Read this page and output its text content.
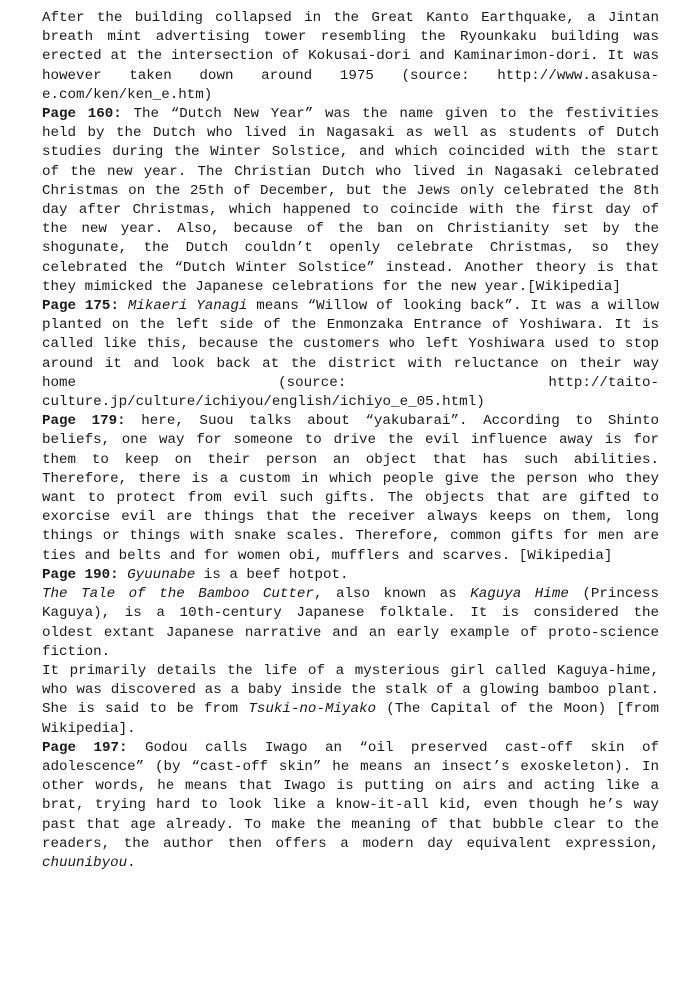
After the building collapsed in the Great Kanto Earthquake, a Jintan breath mint advertising tower resembling the Ryounkaku building was erected at the intersection of Kokusai-dori and Kaminarimon-dori. It was however taken down around 1975 (source: http://www.asakusa-e.com/ken/ken_e.htm)

Page 160: The “Dutch New Year” was the name given to the festivities held by the Dutch who lived in Nagasaki as well as students of Dutch studies during the Winter Solstice, and which coincided with the start of the new year. The Christian Dutch who lived in Nagasaki celebrated Christmas on the 25th of December, but the Jews only celebrated the 8th day after Christmas, which happened to coincide with the first day of the new year. Also, because of the ban on Christianity set by the shogunate, the Dutch couldn’t openly celebrate Christmas, so they celebrated the “Dutch Winter Solstice” instead. Another theory is that they mimicked the Japanese celebrations for the new year.[Wikipedia]

Page 175: Mikaeri Yanagi means “Willow of looking back”. It was a willow planted on the left side of the Enmonzaka Entrance of Yoshiwara. It is called like this, because the customers who left Yoshiwara used to stop around it and look back at the district with reluctance on their way home (source: http://taito-culture.jp/culture/ichiyou/english/ichiyo_e_05.html)

Page 179: here, Suou talks about “yakubarai”. According to Shinto beliefs, one way for someone to drive the evil influence away is for them to keep on their person an object that has such abilities. Therefore, there is a custom in which people give the person who they want to protect from evil such gifts. The objects that are gifted to exorcise evil are things that the receiver always keeps on them, long things or things with snake scales. Therefore, common gifts for men are ties and belts and for women obi, mufflers and scarves. [Wikipedia]

Page 190: Gyuunabe is a beef hotpot.

The Tale of the Bamboo Cutter, also known as Kaguya Hime (Princess Kaguya), is a 10th-century Japanese folktale. It is considered the oldest extant Japanese narrative and an early example of proto-science fiction.

It primarily details the life of a mysterious girl called Kaguya-hime, who was discovered as a baby inside the stalk of a glowing bamboo plant. She is said to be from Tsuki-no-Miyako (The Capital of the Moon) [from Wikipedia].

Page 197: Godou calls Iwago an “oil preserved cast-off skin of adolescence” (by “cast-off skin” he means an insect’s exoskeleton). In other words, he means that Iwago is putting on airs and acting like a brat, trying hard to look like a know-it-all kid, even though he’s way past that age already. To make the meaning of that bubble clear to the readers, the author then offers a modern day equivalent expression, chuunibyou.
